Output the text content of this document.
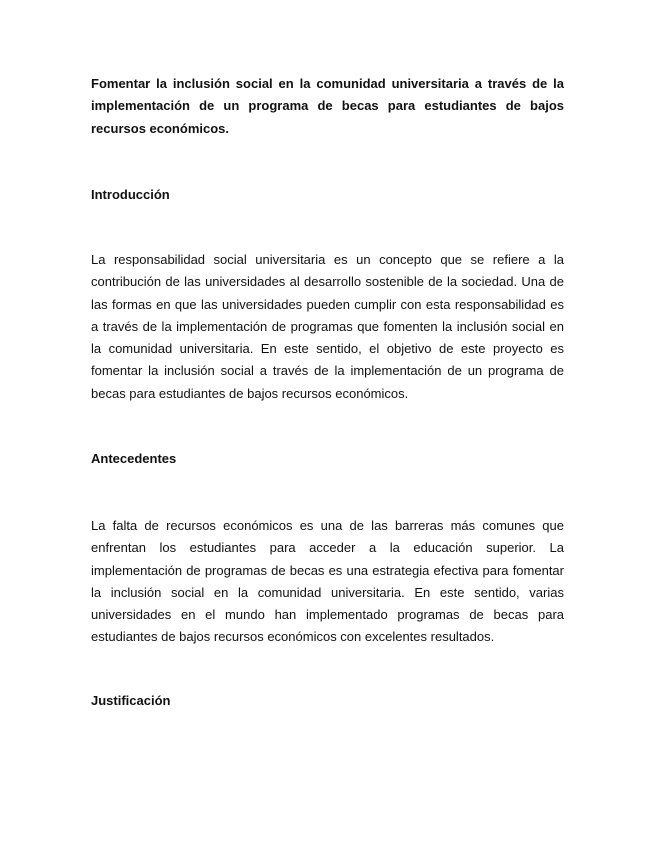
Fomentar la inclusión social en la comunidad universitaria a través de la implementación de un programa de becas para estudiantes de bajos recursos económicos.
Introducción
La responsabilidad social universitaria es un concepto que se refiere a la contribución de las universidades al desarrollo sostenible de la sociedad. Una de las formas en que las universidades pueden cumplir con esta responsabilidad es a través de la implementación de programas que fomenten la inclusión social en la comunidad universitaria. En este sentido, el objetivo de este proyecto es fomentar la inclusión social a través de la implementación de un programa de becas para estudiantes de bajos recursos económicos.
Antecedentes
La falta de recursos económicos es una de las barreras más comunes que enfrentan los estudiantes para acceder a la educación superior. La implementación de programas de becas es una estrategia efectiva para fomentar la inclusión social en la comunidad universitaria. En este sentido, varias universidades en el mundo han implementado programas de becas para estudiantes de bajos recursos económicos con excelentes resultados.
Justificación
